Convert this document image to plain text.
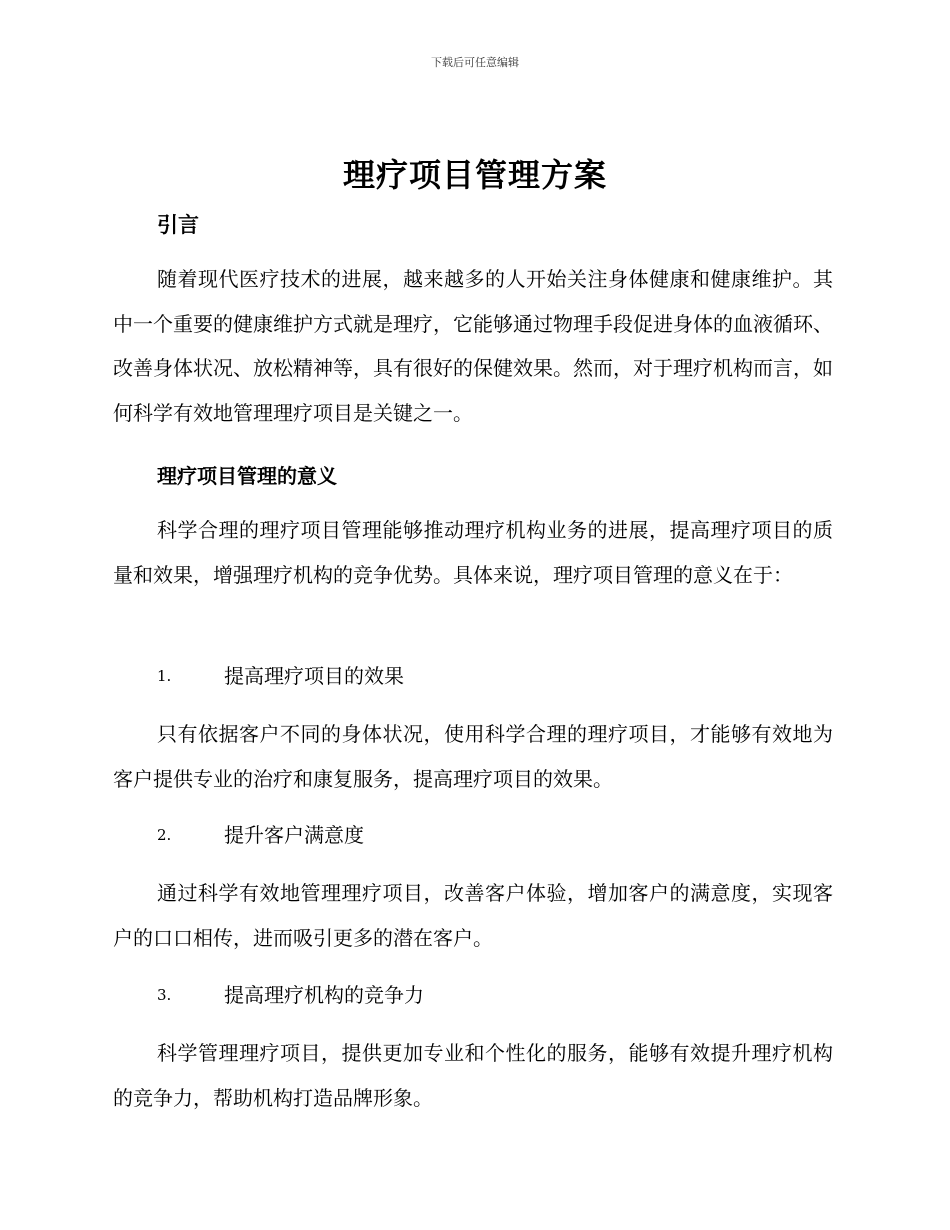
下载后可任意编辑
理疗项目管理方案
引言

随着现代医疗技术的进展，越来越多的人开始关注身体健康和健康维护。其中一个重要的健康维护方式就是理疗，它能够通过物理手段促进身体的血液循环、改善身体状况、放松精神等，具有很好的保健效果。然而，对于理疗机构而言，如何科学有效地管理理疗项目是关键之一。

理疗项目管理的意义

科学合理的理疗项目管理能够推动理疗机构业务的进展，提高理疗项目的质量和效果，增强理疗机构的竞争优势。具体来说，理疗项目管理的意义在于：

1.	提高理疗项目的效果

只有依据客户不同的身体状况，使用科学合理的理疗项目，才能够有效地为客户提供专业的治疗和康复服务，提高理疗项目的效果。

2.	提升客户满意度

通过科学有效地管理理疗项目，改善客户体验，增加客户的满意度，实现客户的口口相传，进而吸引更多的潜在客户。

3.	提高理疗机构的竞争力

科学管理理疗项目，提供更加专业和个性化的服务，能够有效提升理疗机构的竞争力，帮助机构打造品牌形象。
